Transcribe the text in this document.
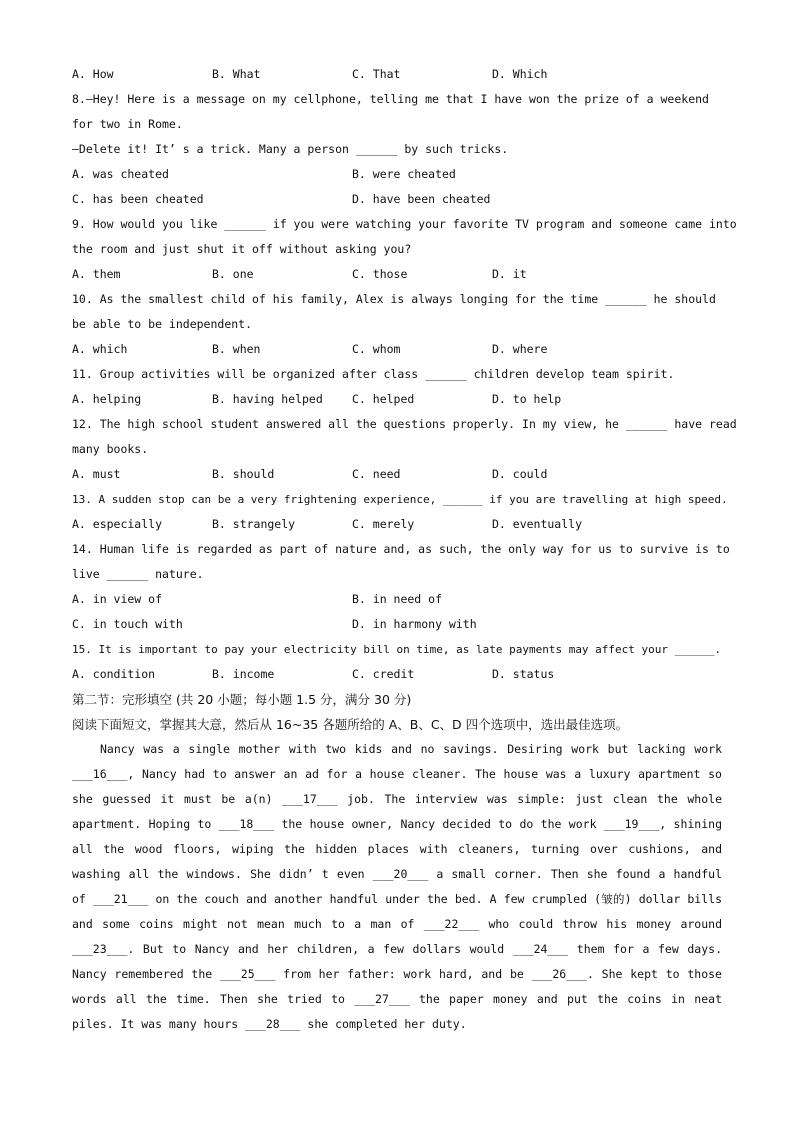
A. How	B. What	C. That	D. Which
8.—Hey! Here is a message on my cellphone, telling me that I have won the prize of a weekend
for two in Rome.
—Delete it! It’ s a trick. Many a person ______ by such tricks.
A. was cheated	B. were cheated
C. has been cheated	D. have been cheated
9. How would you like ______ if you were watching your favorite TV program and someone came into
the room and just shut it off without asking you?
A. them	B. one	C. those	D. it
10. As the smallest child of his family, Alex is always longing for the time ______ he should
be able to be independent.
A. which	B. when	C. whom	D. where
11. Group activities will be organized after class ______ children develop team spirit.
A. helping	B. having helped	C. helped	D. to help
12. The high school student answered all the questions properly. In my view, he ______ have read
many books.
A. must	B. should	C. need	D. could
13. A sudden stop can be a very frightening experience, ______ if you are travelling at high speed.
A. especially	B. strangely	C. merely	D. eventually
14. Human life is regarded as part of nature and, as such, the only way for us to survive is to
live ______ nature.
A. in view of	B. in need of
C. in touch with	D. in harmony with
15. It is important to pay your electricity bill on time, as late payments may affect your ______.
A. condition	B. income	C. credit	D. status
第二节：完形填空 (共 20 小题；每小题 1.5 分，满分 30 分)
阅读下面短文，掌握其大意，然后从 16~35 各题所给的 A、B、C、D 四个选项中，选出最佳选项。
Nancy was a single mother with two kids and no savings. Desiring work but lacking work ___16___, Nancy had to answer an ad for a house cleaner. The house was a luxury apartment so she guessed it must be a(n) ___17___ job. The interview was simple: just clean the whole apartment. Hoping to ___18___ the house owner, Nancy decided to do the work ___19___, shining all the wood floors, wiping the hidden places with cleaners, turning over cushions, and washing all the windows. She didn’ t even ___20___ a small corner. Then she found a handful of ___21___ on the couch and another handful under the bed. A few crumpled (皱的) dollar bills and some coins might not mean much to a man of ___22___ who could throw his money around ___23___. But to Nancy and her children, a few dollars would ___24___ them for a few days. Nancy remembered the ___25___ from her father: work hard, and be ___26___. She kept to those words all the time. Then she tried to ___27___ the paper money and put the coins in neat piles. It was many hours ___28___ she completed her duty.
